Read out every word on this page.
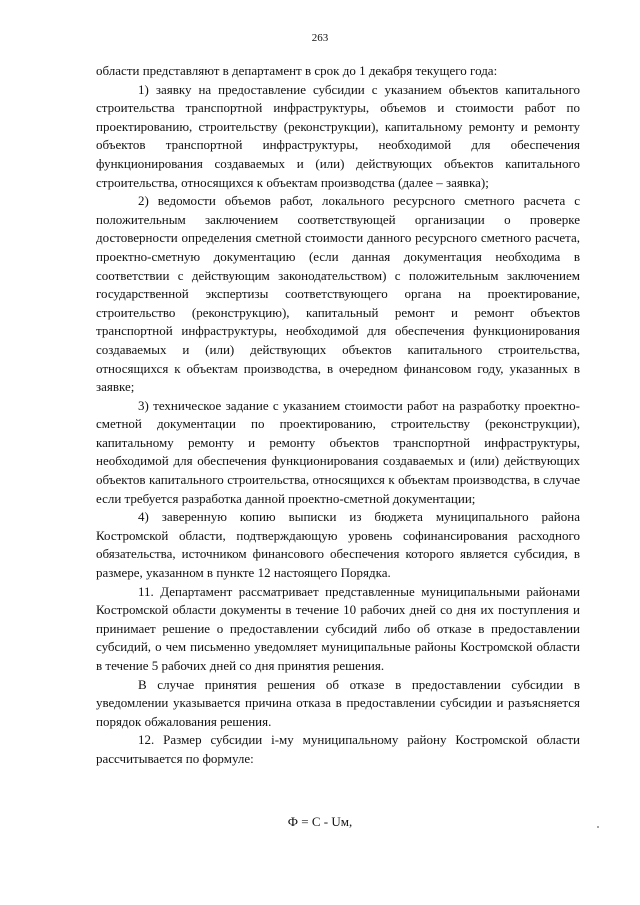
263

области представляют в департамент в срок до 1 декабря текущего года:

1) заявку на предоставление субсидии с указанием объектов капитального строительства транспортной инфраструктуры, объемов и стоимости работ по проектированию, строительству (реконструкции), капитальному ремонту и ремонту объектов транспортной инфраструктуры, необходимой для обеспечения функционирования создаваемых и (или) действующих объектов капитального строительства, относящихся к объектам производства (далее – заявка);

2) ведомости объемов работ, локального ресурсного сметного расчета с положительным заключением соответствующей организации о проверке достоверности определения сметной стоимости данного ресурсного сметного расчета, проектно-сметную документацию (если данная документация необходима в соответствии с действующим законодательством) с положительным заключением государственной экспертизы соответствующего органа на проектирование, строительство (реконструкцию), капитальный ремонт и ремонт объектов транспортной инфраструктуры, необходимой для обеспечения функционирования создаваемых и (или) действующих объектов капитального строительства, относящихся к объектам производства, в очередном финансовом году, указанных в заявке;

3) техническое задание с указанием стоимости работ на разработку проектно-сметной документации по проектированию, строительству (реконструкции), капитальному ремонту и ремонту объектов транспортной инфраструктуры, необходимой для обеспечения функционирования создаваемых и (или) действующих объектов капитального строительства, относящихся к объектам производства, в случае если требуется разработка данной проектно-сметной документации;

4) заверенную копию выписки из бюджета муниципального района Костромской области, подтверждающую уровень софинансирования расходного обязательства, источником финансового обеспечения которого является субсидия, в размере, указанном в пункте 12 настоящего Порядка.

11. Департамент рассматривает представленные муниципальными районами Костромской области документы в течение 10 рабочих дней со дня их поступления и принимает решение о предоставлении субсидий либо об отказе в предоставлении субсидий, о чем письменно уведомляет муниципальные районы Костромской области в течение 5 рабочих дней со дня принятия решения.

В случае принятия решения об отказе в предоставлении субсидии в уведомлении указывается причина отказа в предоставлении субсидии и разъясняется порядок обжалования решения.

12. Размер субсидии i-му муниципальному району Костромской области рассчитывается по формуле:

Ф = С - Uм,
